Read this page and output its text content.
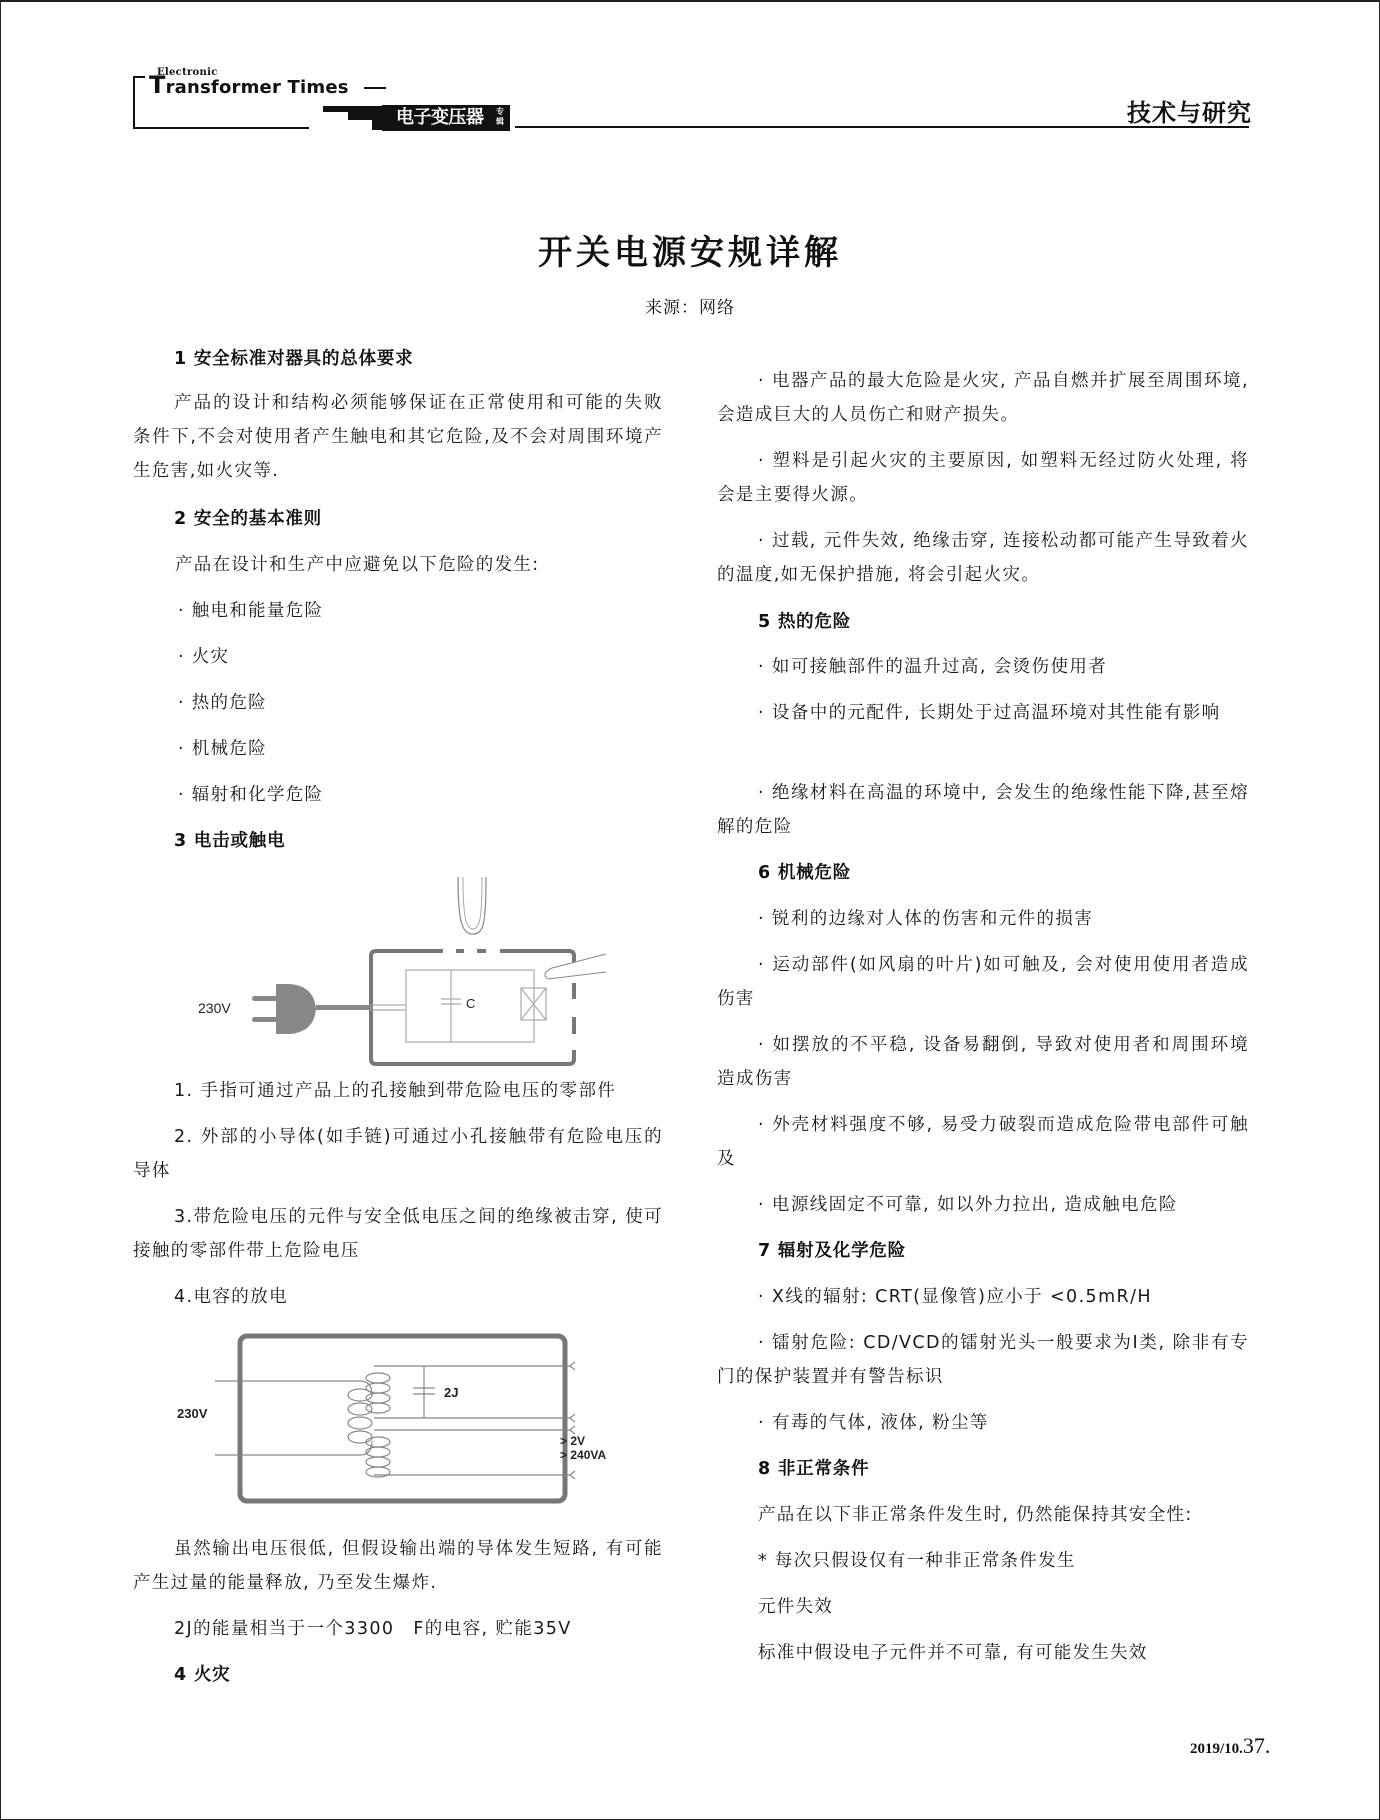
Electronic
Transformer Times
电子变压器 专辑	技术与研究
开关电源安规详解
来源：网络
1 安全标准对器具的总体要求
产品的设计和结构必须能够保证在正常使用和可能的失败条件下,不会对使用者产生触电和其它危险,及不会对周围环境产生危害,如火灾等.
2 安全的基本准则
产品在设计和生产中应避免以下危险的发生:
· 触电和能量危险
· 火灾
· 热的危险
· 机械危险
· 辐射和化学危险
3 电击或触电
C
230V
1. 手指可通过产品上的孔接触到带危险电压的零部件
2. 外部的小导体(如手链)可通过小孔接触带有危险电压的导体
3.带危险电压的元件与安全低电压之间的绝缘被击穿, 使可接触的零部件带上危险电压
4.电容的放电
2J
230V
> 2V
> 240VA
虽然输出电压很低, 但假设输出端的导体发生短路, 有可能产生过量的能量释放, 乃至发生爆炸.
2J的能量相当于一个3300　F的电容, 贮能35V
4 火灾
· 电器产品的最大危险是火灾, 产品自燃并扩展至周围环境, 会造成巨大的人员伤亡和财产损失。
· 塑料是引起火灾的主要原因, 如塑料无经过防火处理, 将会是主要得火源。
· 过载, 元件失效, 绝缘击穿, 连接松动都可能产生导致着火的温度,如无保护措施, 将会引起火灾。
5 热的危险
· 如可接触部件的温升过高, 会烫伤使用者
· 设备中的元配件, 长期处于过高温环境对其性能有影响
· 绝缘材料在高温的环境中, 会发生的绝缘性能下降,甚至熔解的危险
6 机械危险
· 锐利的边缘对人体的伤害和元件的损害
· 运动部件(如风扇的叶片)如可触及, 会对使用使用者造成伤害
· 如摆放的不平稳, 设备易翻倒, 导致对使用者和周围环境造成伤害
· 外壳材料强度不够, 易受力破裂而造成危险带电部件可触及
· 电源线固定不可靠, 如以外力拉出, 造成触电危险
7 辐射及化学危险
· X线的辐射: CRT(显像管)应小于 <0.5mR/H
· 镭射危险: CD/VCD的镭射光头一般要求为I类, 除非有专门的保护装置并有警告标识
· 有毒的气体, 液体, 粉尘等
8 非正常条件
产品在以下非正常条件发生时, 仍然能保持其安全性:
* 每次只假设仅有一种非正常条件发生
元件失效
标准中假设电子元件并不可靠, 有可能发生失效
2019/10.37.
